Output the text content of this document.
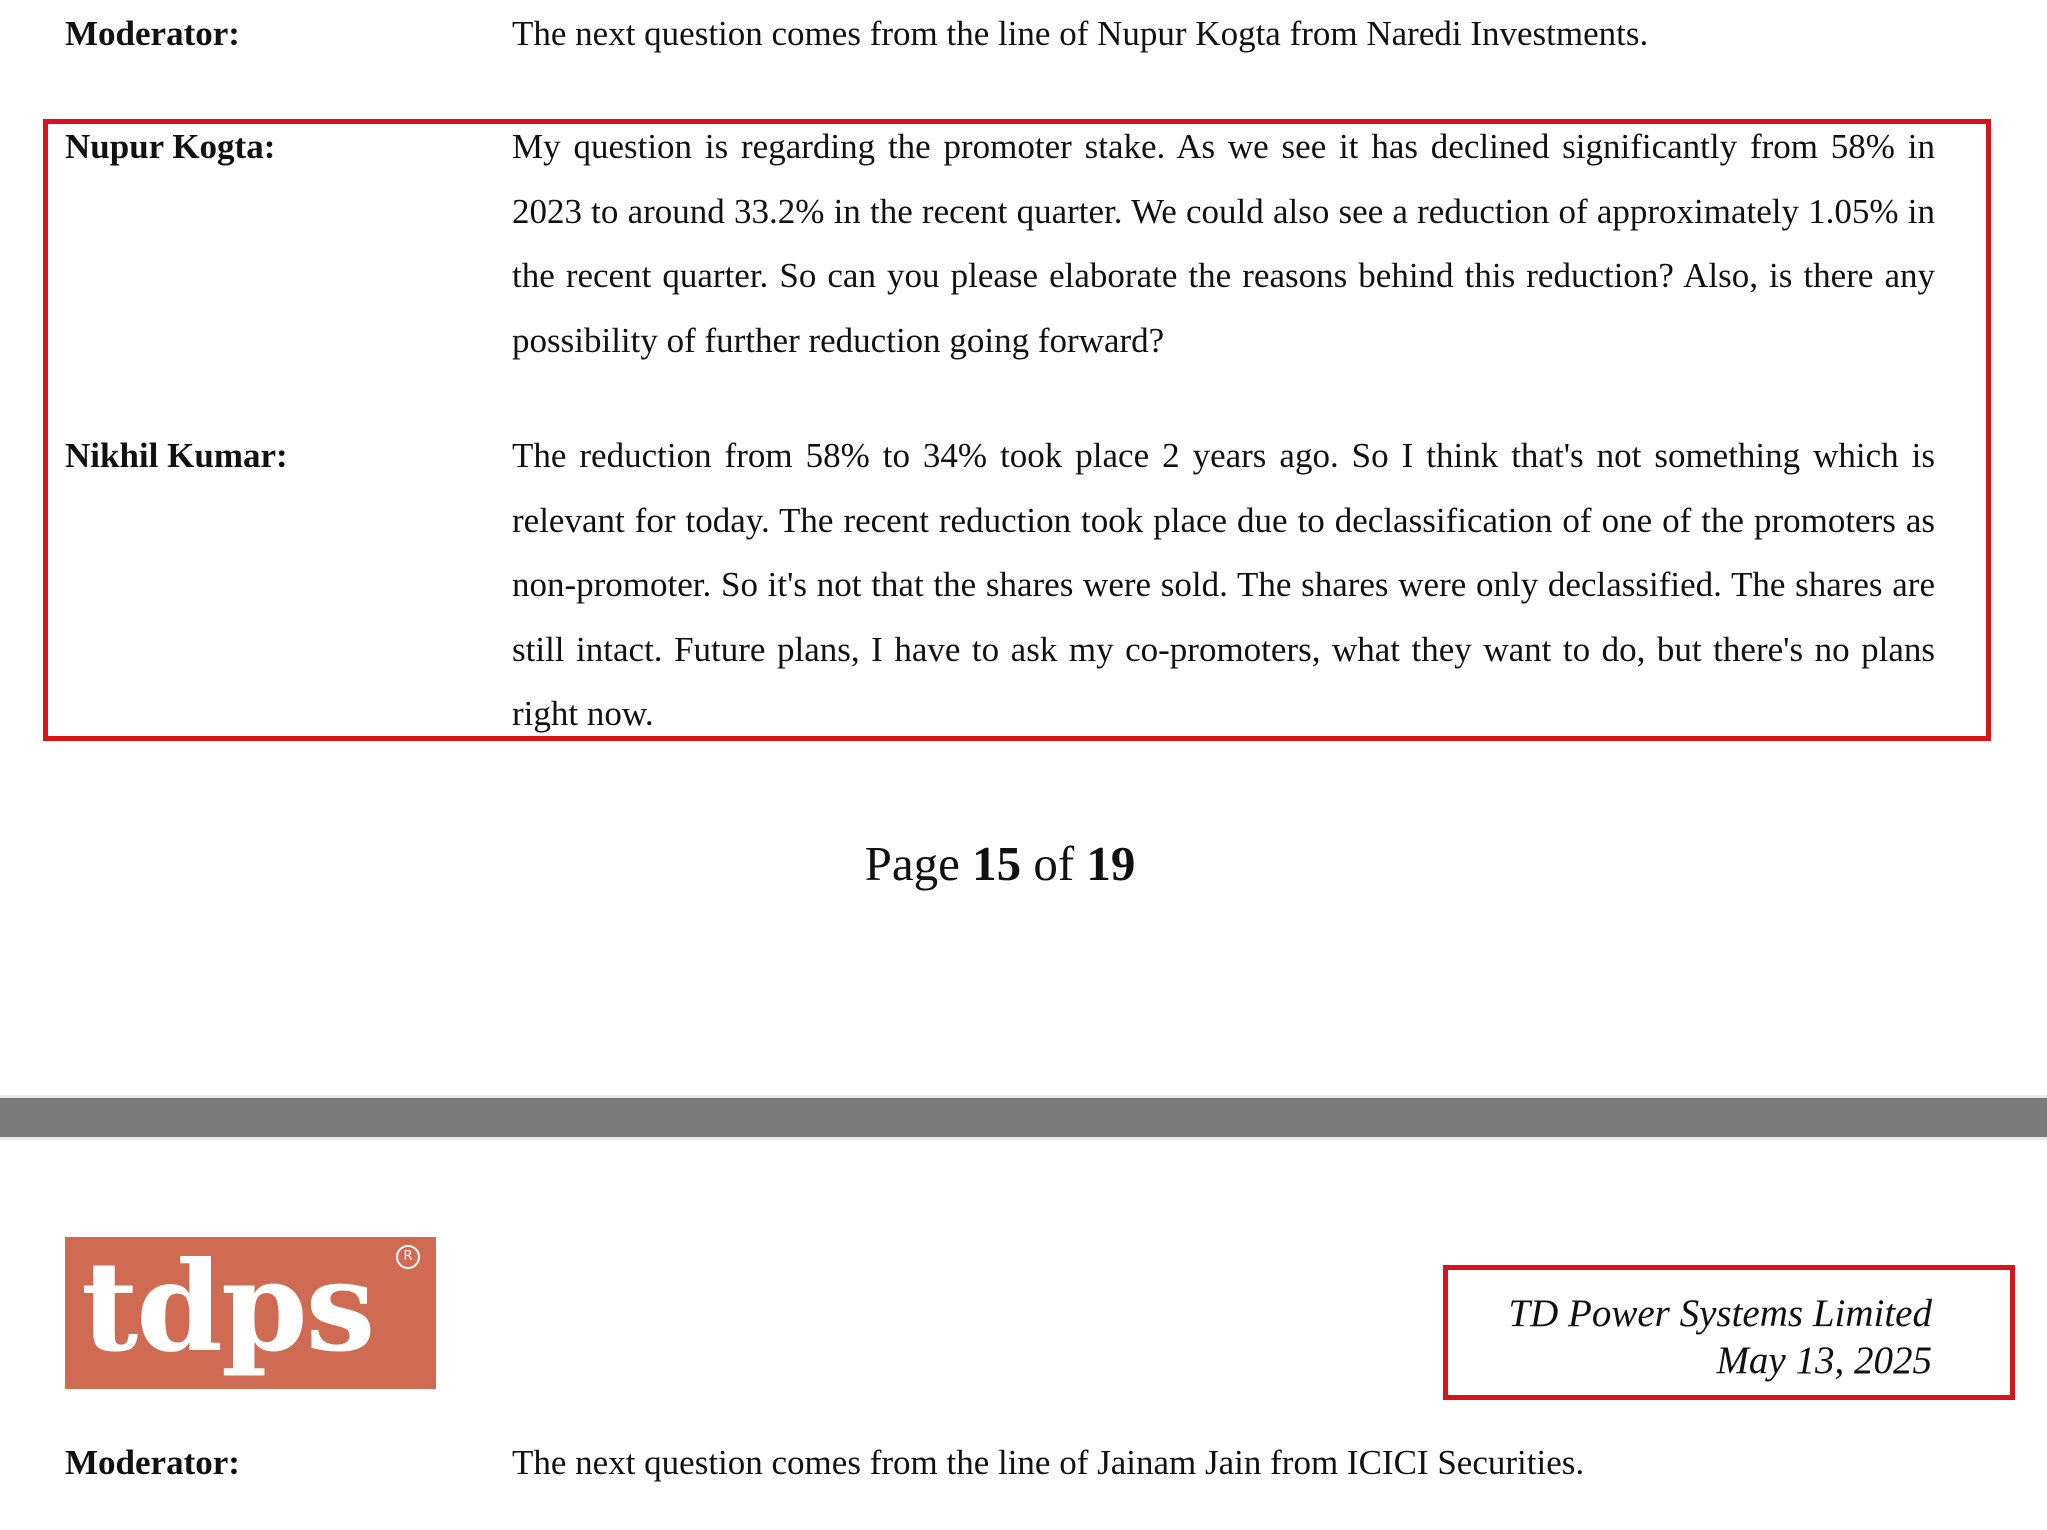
Moderator:	The next question comes from the line of Nupur Kogta from Naredi Investments.
Nupur Kogta:	My question is regarding the promoter stake. As we see it has declined significantly from 58% in 2023 to around 33.2% in the recent quarter. We could also see a reduction of approximately 1.05% in the recent quarter. So can you please elaborate the reasons behind this reduction? Also, is there any possibility of further reduction going forward?
Nikhil Kumar:	The reduction from 58% to 34% took place 2 years ago. So I think that's not something which is relevant for today. The recent reduction took place due to declassification of one of the promoters as non-promoter. So it's not that the shares were sold. The shares were only declassified. The shares are still intact. Future plans, I have to ask my co-promoters, what they want to do, but there's no plans right now.
Page 15 of 19
tdps	R
TD Power Systems Limited
May 13, 2025
Moderator:	The next question comes from the line of Jainam Jain from ICICI Securities.
